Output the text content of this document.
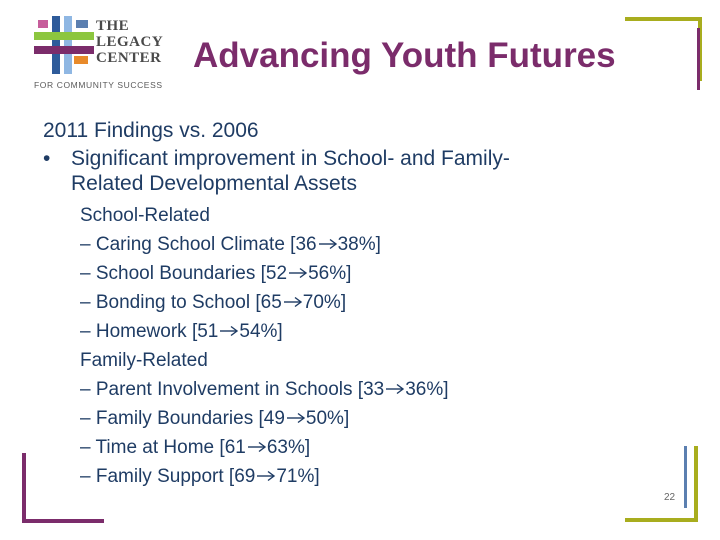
THE
LEGACY
CENTER
FOR COMMUNITY SUCCESS
Advancing Youth Futures
2011 Findings vs. 2006
• Significant improvement in School- and Family-
Related Developmental Assets
School-Related
– Caring School Climate [36 38%]
– School Boundaries [52 56%]
– Bonding to School [65 70%]
– Homework [51 54%]
Family-Related
– Parent Involvement in Schools [33 36%]
– Family Boundaries [49 50%]
– Time at Home [61 63%]
– Family Support [69 71%]
22
